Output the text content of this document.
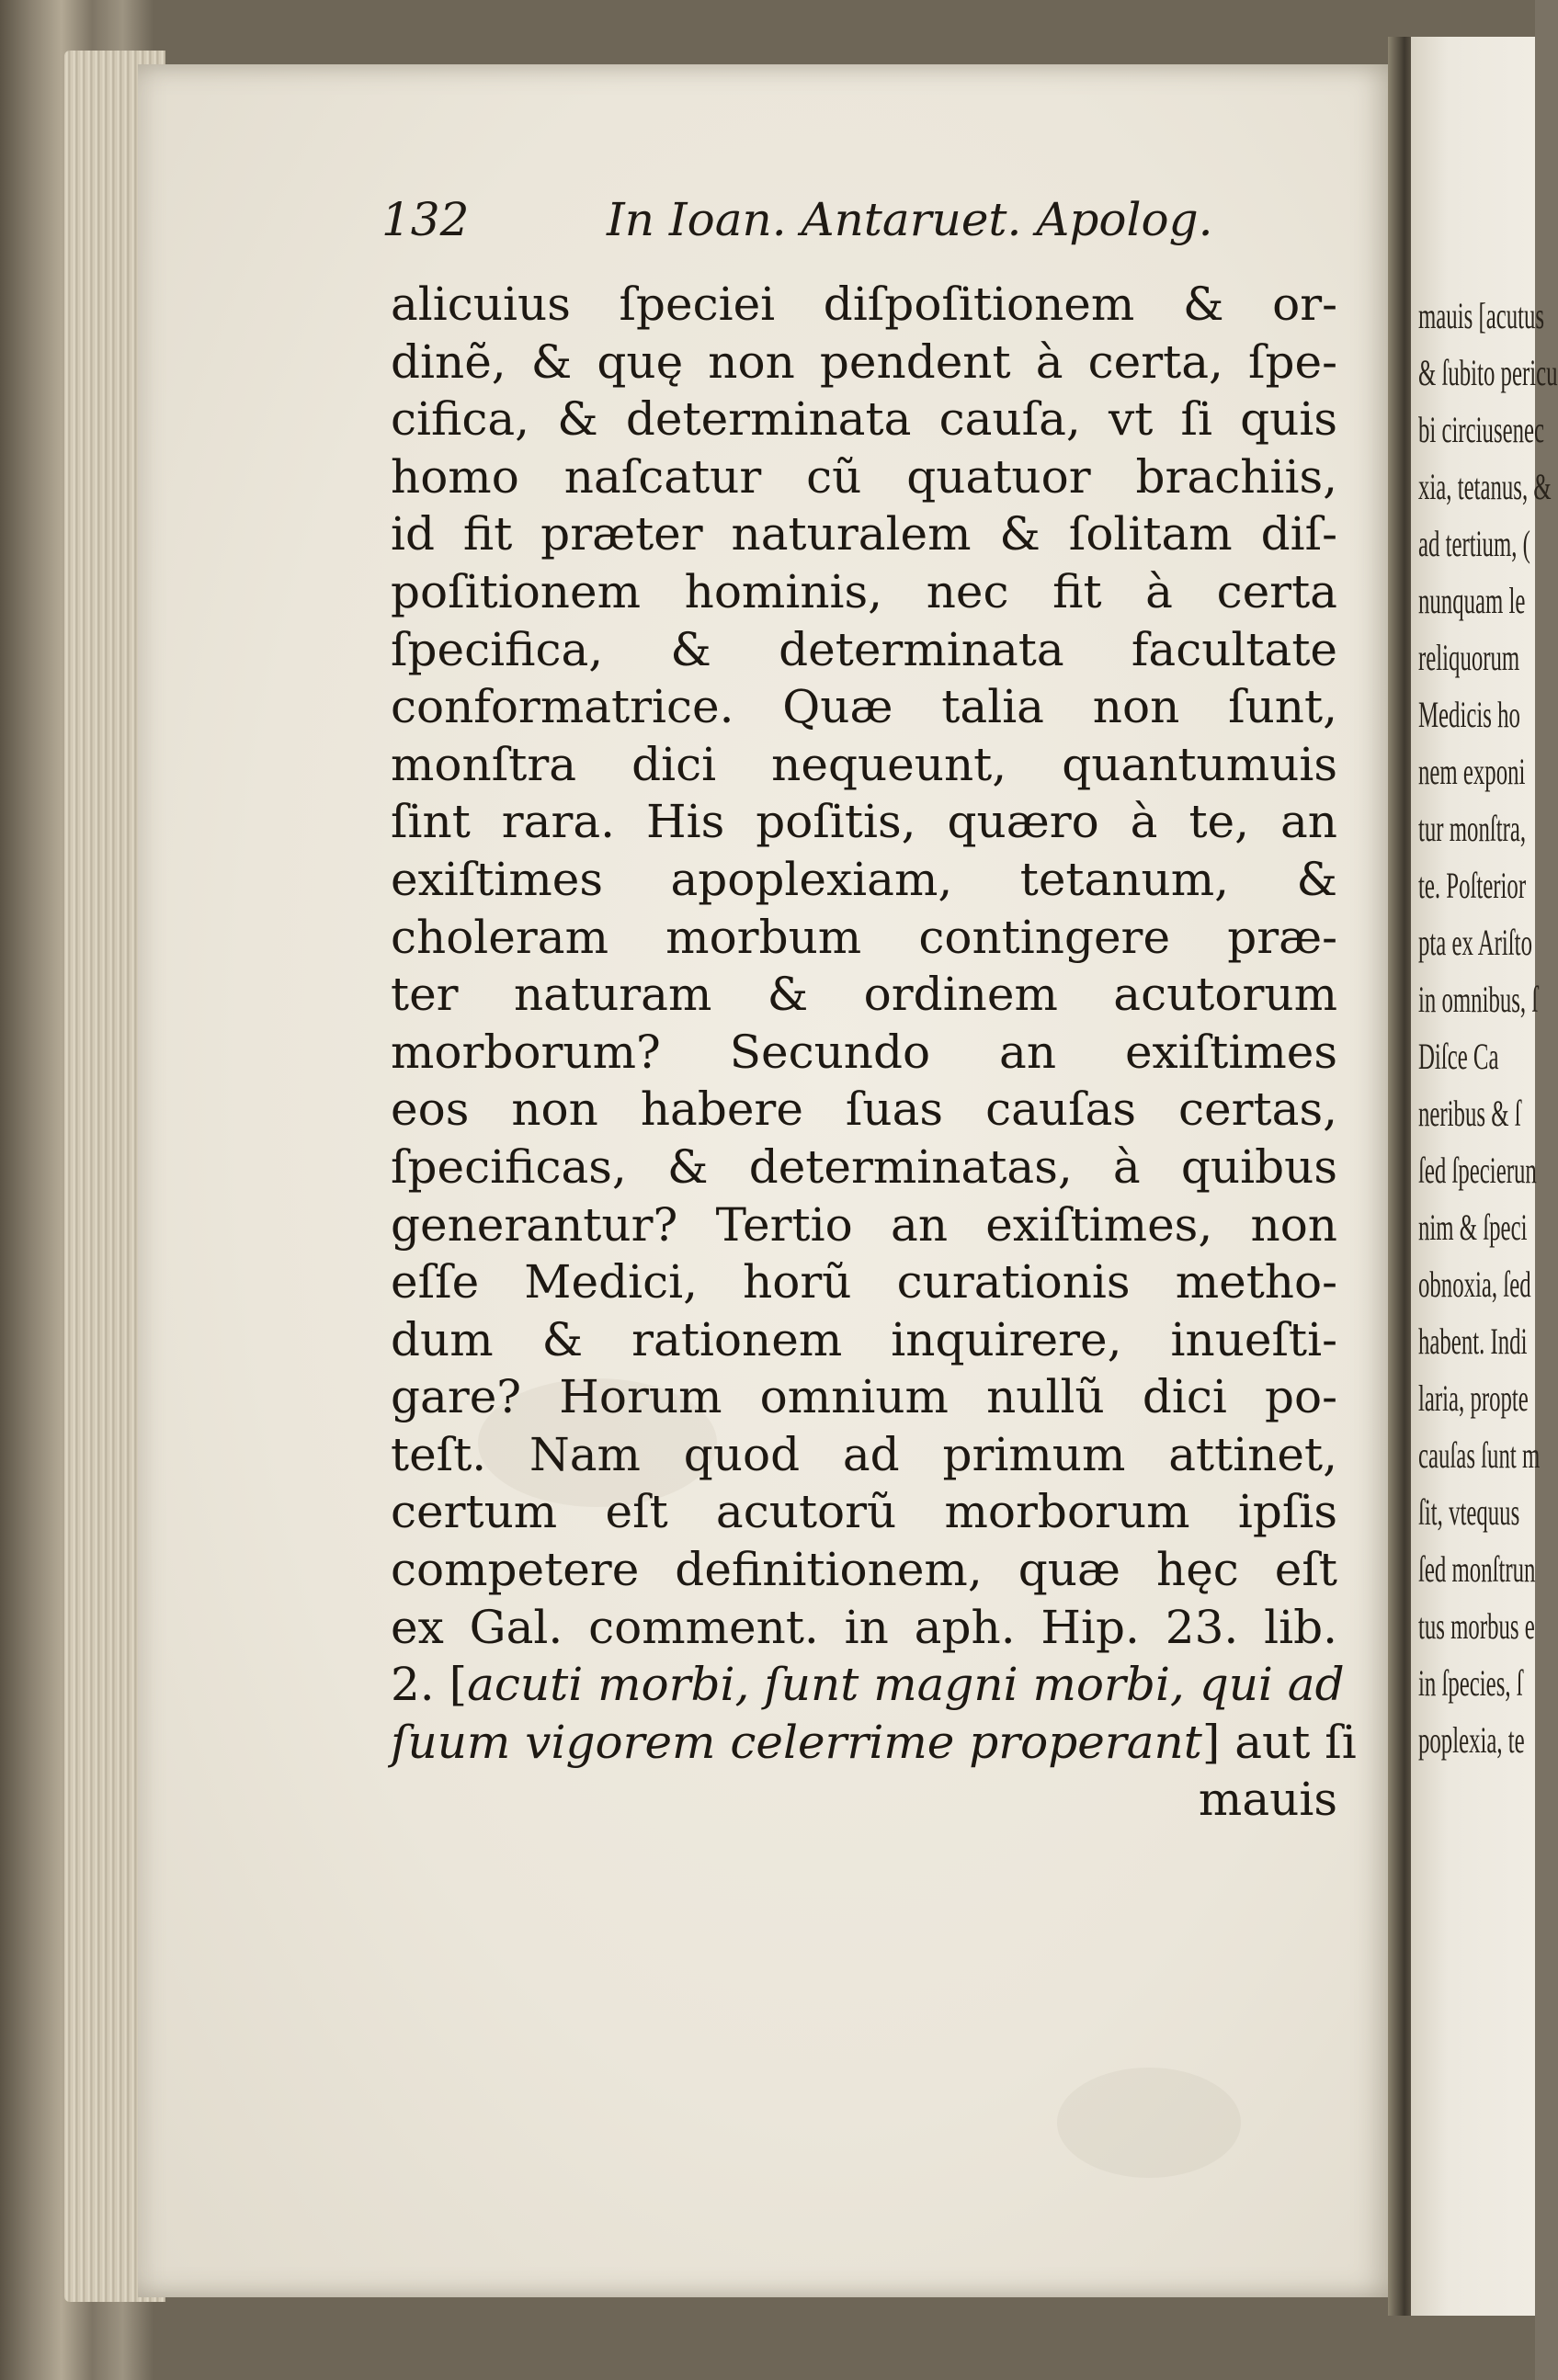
mauis [acutus
& ſubito pericu
bi circiusenec
xia, tetanus, &
ad tertium, (
nunquam le
reliquorum
Medicis ho
nem exponi
tur monſtra,
te. Poſterior
pta ex Ariſto
in omnibus, ſ
Diſce Ca
neribus & ſ
ſed ſpecierun
nim & ſpeci
obnoxia, ſed
habent. Indi
laria, propte
cauſas ſunt m
ſit, vtequus
ſed monſtrun
tus morbus e
in ſpecies, ſ
poplexia, te
132	In Ioan. Antaruet. Apolog.
alicuius ſpeciei diſpoſitionem & or-
dinẽ, & quę non pendent à certa, ſpe-
cifica, & determinata cauſa, vt ſi quis
homo naſcatur cũ quatuor brachiis,
id fit præter naturalem & ſolitam diſ-
poſitionem hominis, nec fit à certa
ſpecifica, & determinata facultate
conformatrice. Quæ talia non ſunt,
monſtra dici nequeunt, quantumuis
ſint rara. His poſitis, quæro à te, an
exiſtimes apoplexiam, tetanum, &
choleram morbum contingere præ-
ter naturam & ordinem acutorum
morborum? Secundo an exiſtimes
eos non habere ſuas cauſas certas,
ſpecificas, & determinatas, à quibus
generantur? Tertio an exiſtimes, non
eſſe Medici, horũ curationis metho-
dum & rationem inquirere, inueſti-
gare? Horum omnium nullũ dici po-
teſt. Nam quod ad primum attinet,
certum eſt acutorũ morborum ipſis
competere definitionem, quæ hęc eſt
ex Gal. comment. in aph. Hip. 23. lib.
2. [acuti morbi, ſunt magni morbi, qui ad
ſuum vigorem celerrime properant] aut ſi
mauis
